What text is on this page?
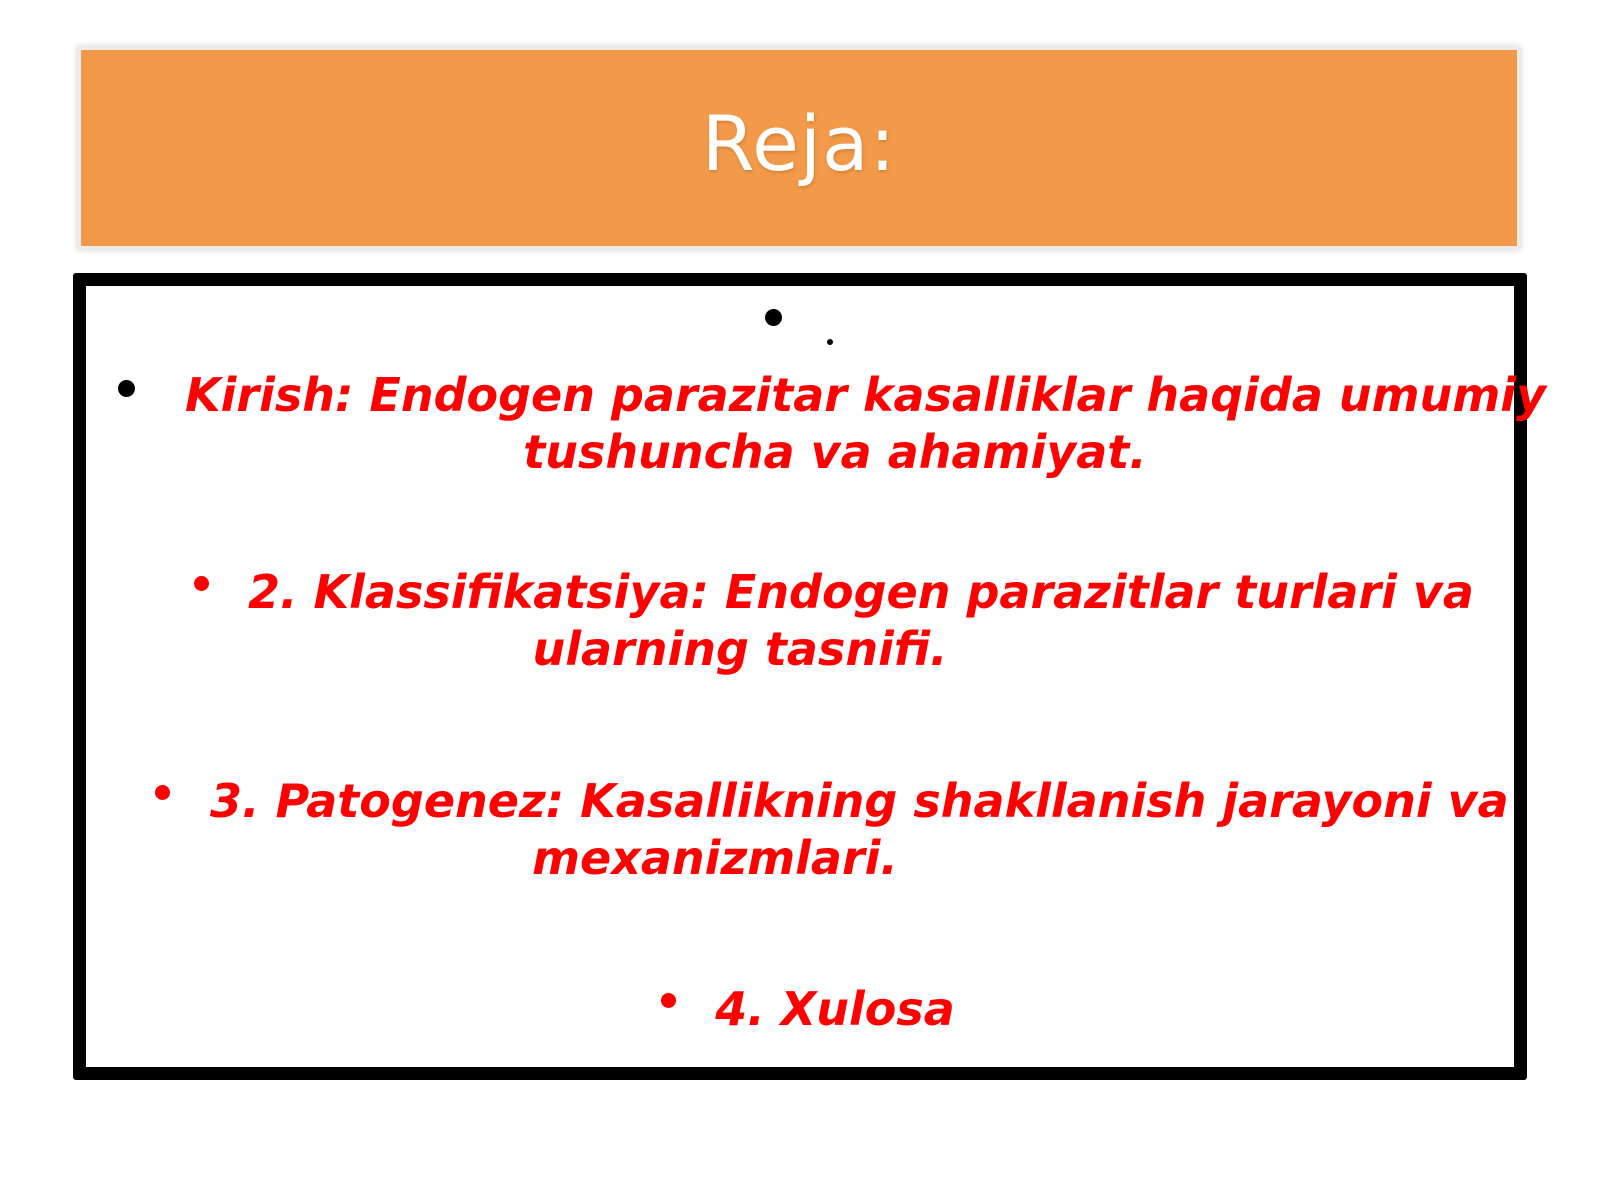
Reja:
Kirish: Endogen parazitar kasalliklar haqida umumiy
tushuncha va ahamiyat.
2. Klassifikatsiya: Endogen parazitlar turlari va
ularning tasnifi.
3. Patogenez: Kasallikning shakllanish jarayoni va
mexanizmlari.
4. Xulosa
